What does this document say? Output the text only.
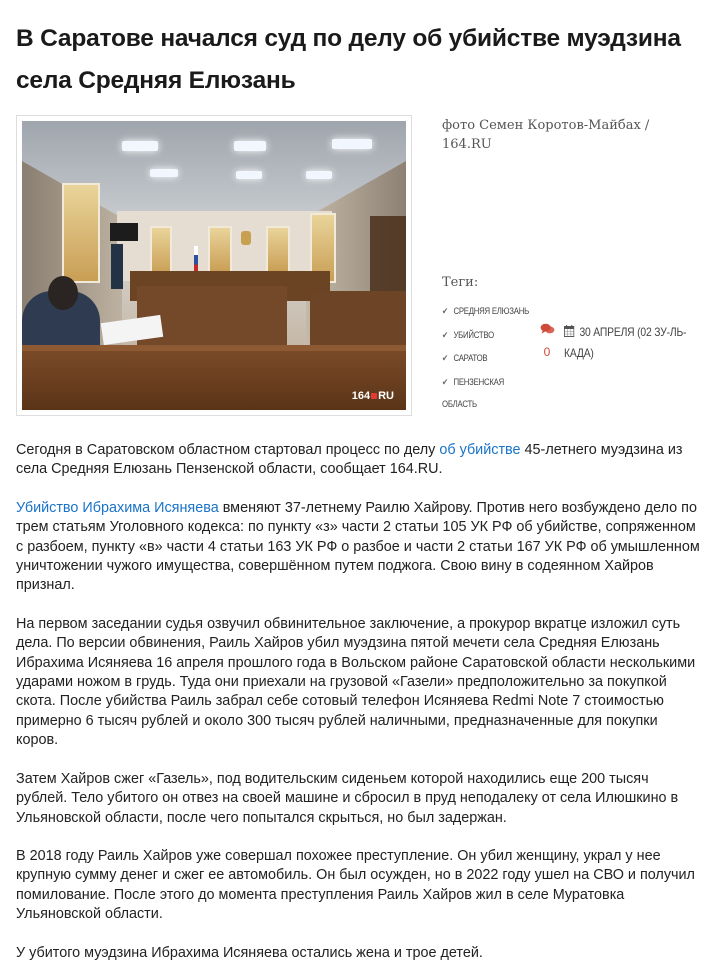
В Саратове начался суд по делу об убийстве муэдзина села Средняя Елюзань
164 RU
фото Семен Коротов-Майбах / 164.RU
Теги:
✔ СРЕДНЯЯ ЕЛЮЗАНЬ
✔ УБИЙСТВО
✔ САРАТОВ
✔ ПЕНЗЕНСКАЯ
ОБЛАСТЬ
0
30 АПРЕЛЯ (02 ЗУ-ЛЬ-
КАДА)

Сегодня в Саратовском областном стартовал процесс по делу об убийстве 45-летнего муэдзина из села Средняя Елюзань Пензенской области, сообщает 164.RU.

Убийство Ибрахима Исяняева вменяют 37-летнему Раилю Хайрову. Против него возбуждено дело по трем статьям Уголовного кодекса: по пункту «з» части 2 статьи 105 УК РФ об убийстве, сопряженном с разбоем, пункту «в» части 4 статьи 163 УК РФ о разбое и части 2 статьи 167 УК РФ об умышленном уничтожении чужого имущества, совершённом путем поджога. Свою вину в содеянном Хайров признал.

На первом заседании судья озвучил обвинительное заключение, а прокурор вкратце изложил суть дела. По версии обвинения, Раиль Хайров убил муэдзина пятой мечети села Средняя Елюзань Ибрахима Исяняева 16 апреля прошлого года в Вольском районе Саратовской области несколькими ударами ножом в грудь. Туда они приехали на грузовой «Газели» предположительно за покупкой скота. После убийства Раиль забрал себе сотовый телефон Исяняева Redmi Note 7 стоимостью примерно 6 тысяч рублей и около 300 тысяч рублей наличными, предназначенные для покупки коров.

Затем Хайров сжег «Газель», под водительским сиденьем которой находились еще 200 тысяч рублей. Тело убитого он отвез на своей машине и сбросил в пруд неподалеку от села Илюшкино в Ульяновской области, после чего попытался скрыться, но был задержан.

В 2018 году Раиль Хайров уже совершал похожее преступление. Он убил женщину, украл у нее крупную сумму денег и сжег ее автомобиль. Он был осужден, но в 2022 году ушел на СВО и получил помилование. После этого до момента преступления Раиль Хайров жил в селе Муратовка Ульяновской области.

У убитого муэдзина Ибрахима Исяняева остались жена и трое детей.
